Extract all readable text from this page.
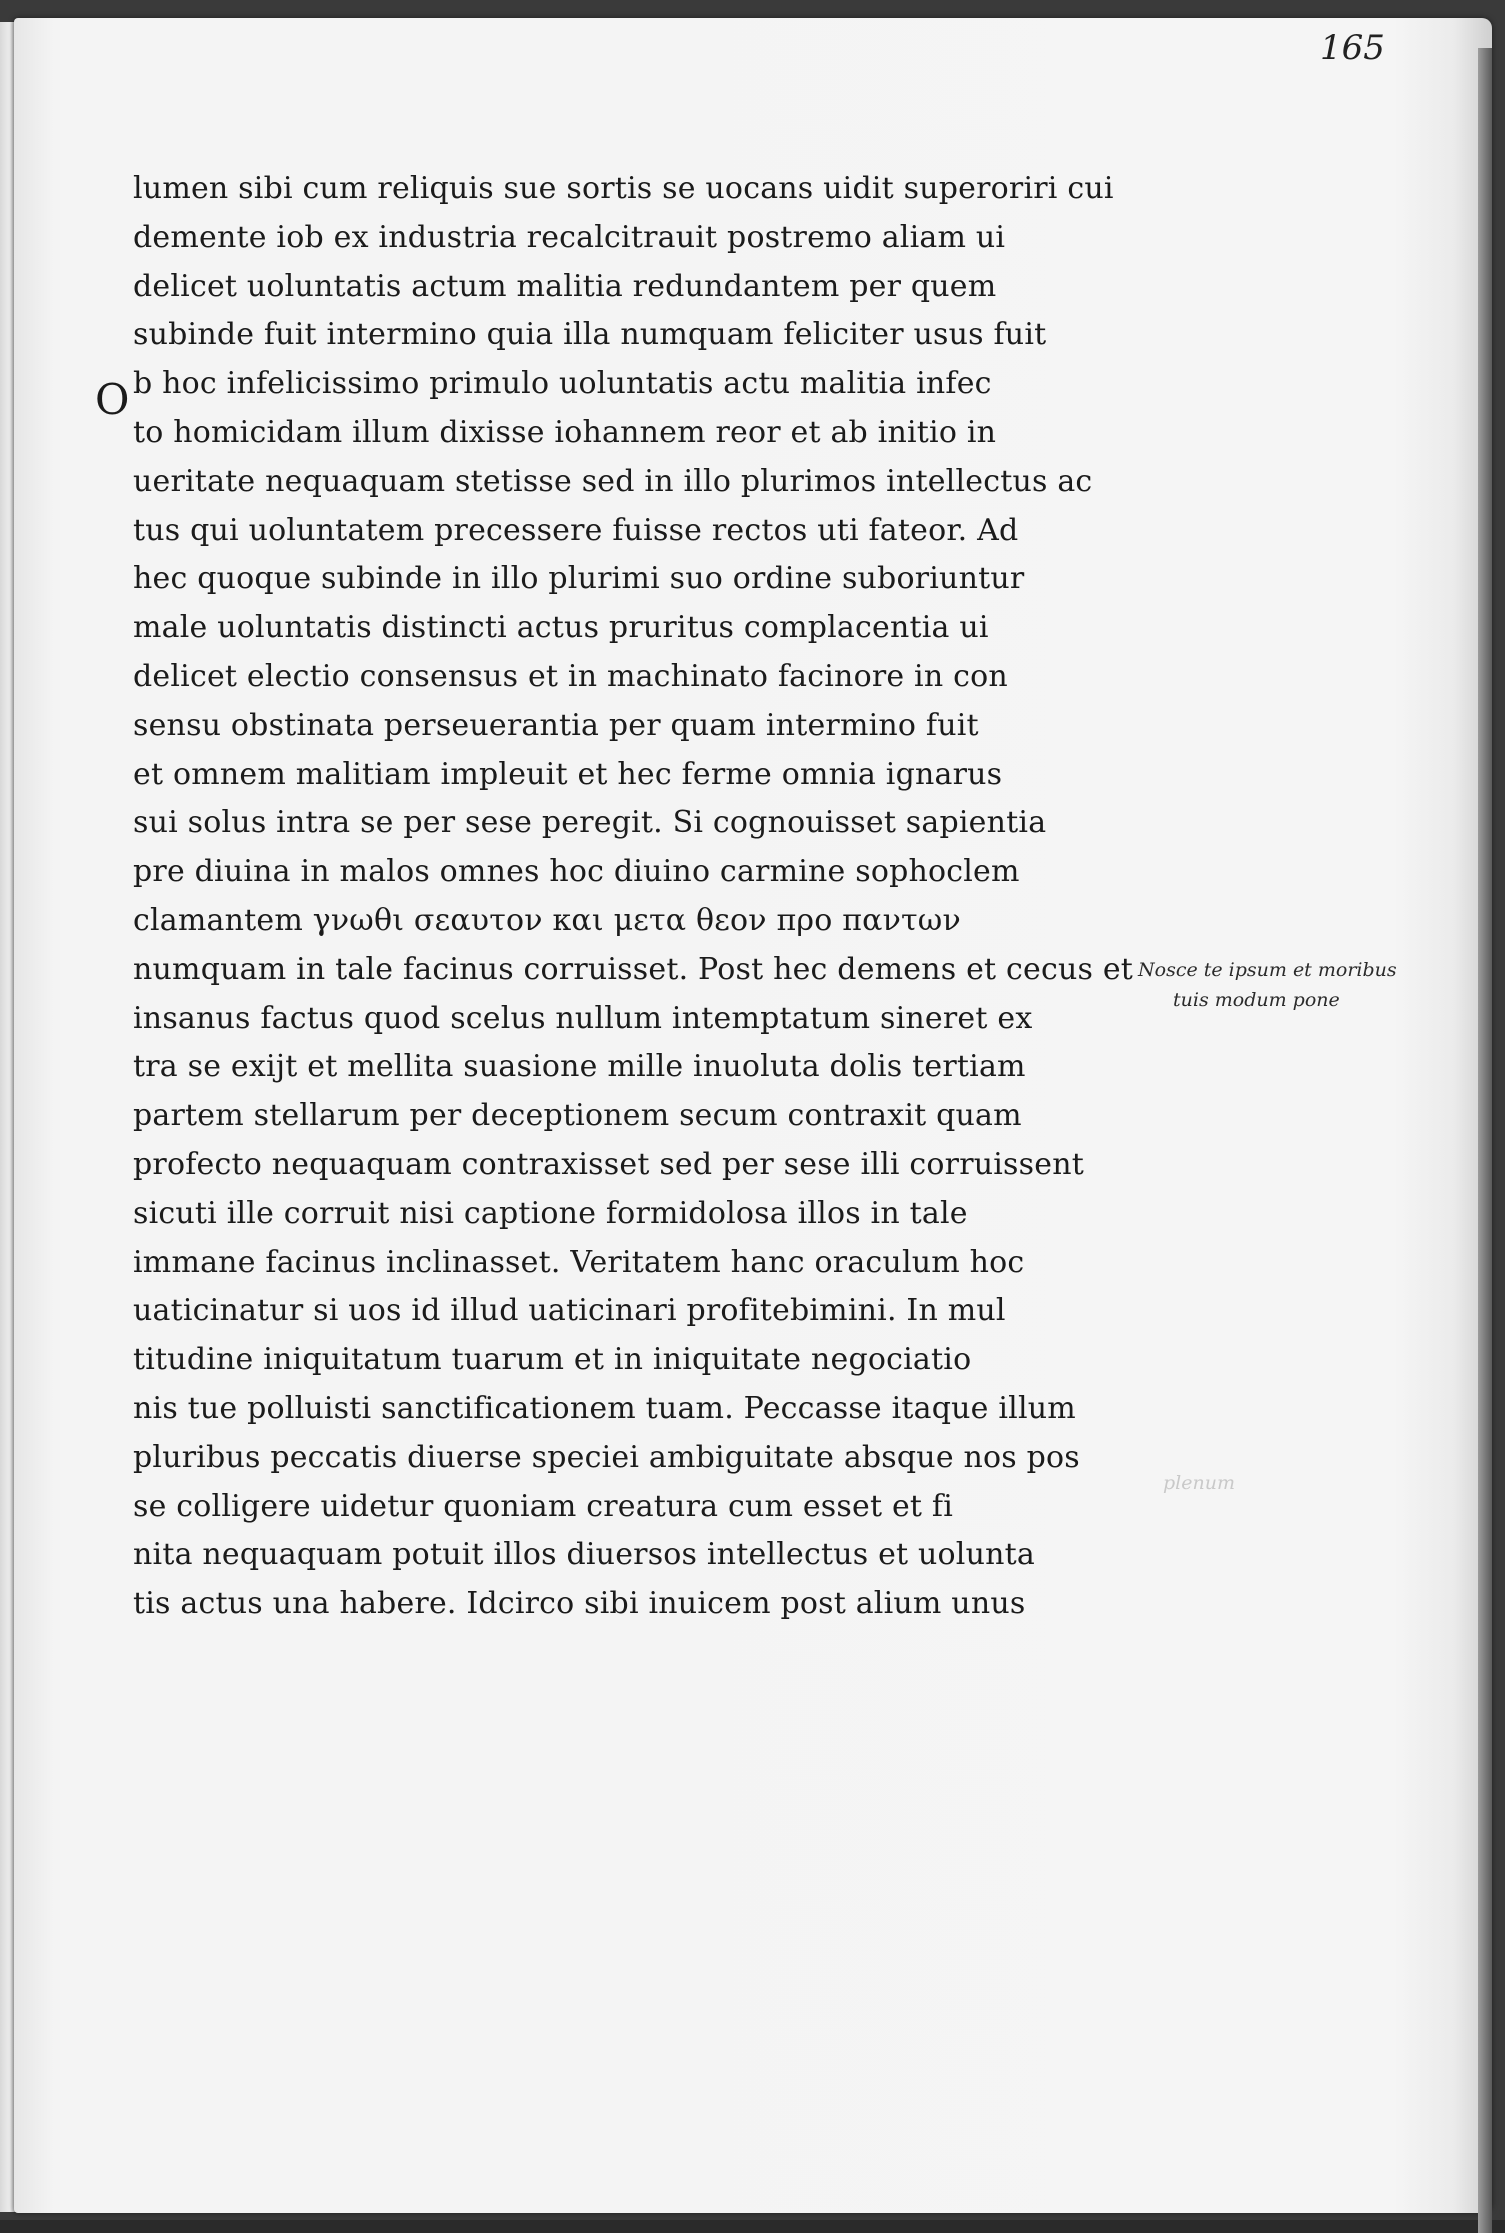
165
O
lumen sibi cum reliquis sue sortis se uocans uidit superoriri cui
demente iob ex industria recalcitrauit postremo aliam ui
delicet uoluntatis actum malitia redundantem per quem
subinde fuit intermino quia illa numquam feliciter usus fuit
b hoc infelicissimo primulo uoluntatis actu malitia infec
to homicidam illum dixisse iohannem reor et ab initio in
ueritate nequaquam stetisse sed in illo plurimos intellectus ac
tus qui uoluntatem precessere fuisse rectos uti fateor. Ad
hec quoque subinde in illo plurimi suo ordine suboriuntur
male uoluntatis distincti actus pruritus complacentia ui
delicet electio consensus et in machinato facinore in con
sensu obstinata perseuerantia per quam intermino fuit
et omnem malitiam impleuit et hec ferme omnia ignarus
sui solus intra se per sese peregit. Si cognouisset sapientia
pre diuina in malos omnes hoc diuino carmine sophoclem
clamantem γνωθι σεαυτον και μετα θεον προ παντων
numquam in tale facinus corruisset. Post hec demens et cecus et
insanus factus quod scelus nullum intemptatum sineret ex
tra se exijt et mellita suasione mille inuoluta dolis tertiam
partem stellarum per deceptionem secum contraxit quam
profecto nequaquam contraxisset sed per sese illi corruissent
sicuti ille corruit nisi captione formidolosa illos in tale
immane facinus inclinasset. Veritatem hanc oraculum hoc
uaticinatur si uos id illud uaticinari profitebimini. In mul
titudine iniquitatum tuarum et in iniquitate negociatio
nis tue polluisti sanctificationem tuam. Peccasse itaque illum
pluribus peccatis diuerse speciei ambiguitate absque nos pos
se colligere uidetur quoniam creatura cum esset et fi
nita nequaquam potuit illos diuersos intellectus et uolunta
tis actus una habere. Idcirco sibi inuicem post alium unus
Nosce te ipsum et moribus
tuis modum pone
plenum
